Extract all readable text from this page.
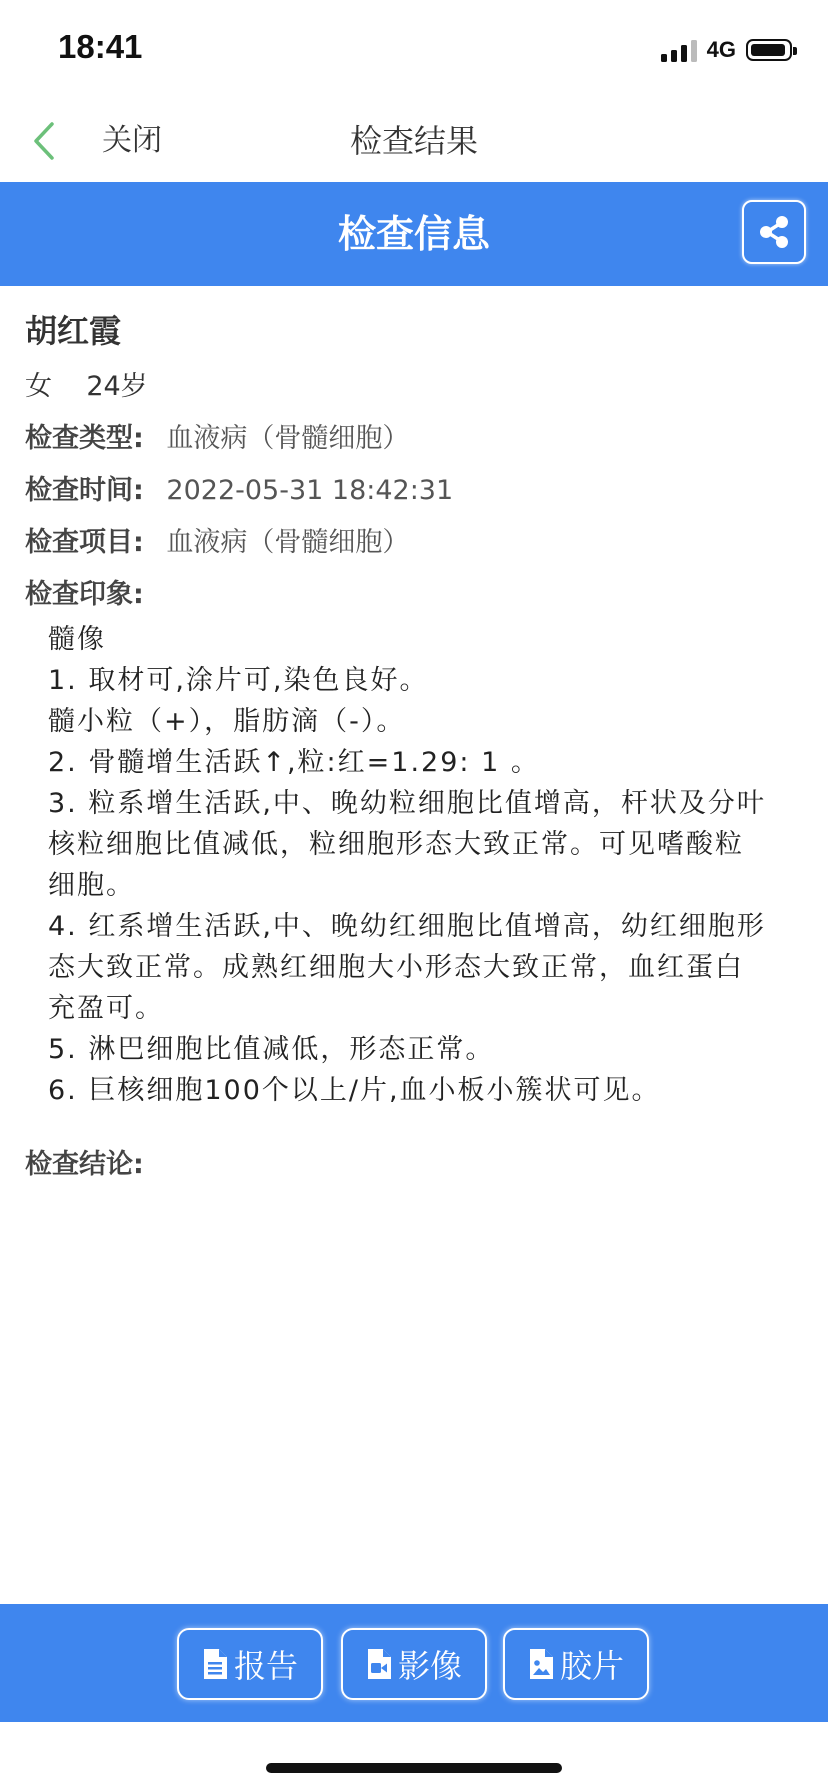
18:41	4G
关闭	检查结果
检查信息
胡红霞
女    24岁
检查类型: 血液病（骨髓细胞）
检查时间: 2022-05-31 18:42:31
检查项目: 血液病（骨髓细胞）
检查印象:
髓像
1. 取材可,涂片可,染色良好。
髓小粒（+），脂肪滴（-）。
2. 骨髓增生活跃↑,粒:红=1.29: 1 。
3. 粒系增生活跃,中、晚幼粒细胞比值增高，杆状及分叶
核粒细胞比值减低，粒细胞形态大致正常。可见嗜酸粒
细胞。
4. 红系增生活跃,中、晚幼红细胞比值增高，幼红细胞形
态大致正常。成熟红细胞大小形态大致正常，血红蛋白
充盈可。
5. 淋巴细胞比值减低，形态正常。
6. 巨核细胞100个以上/片,血小板小簇状可见。
检查结论:
报告	影像	胶片
